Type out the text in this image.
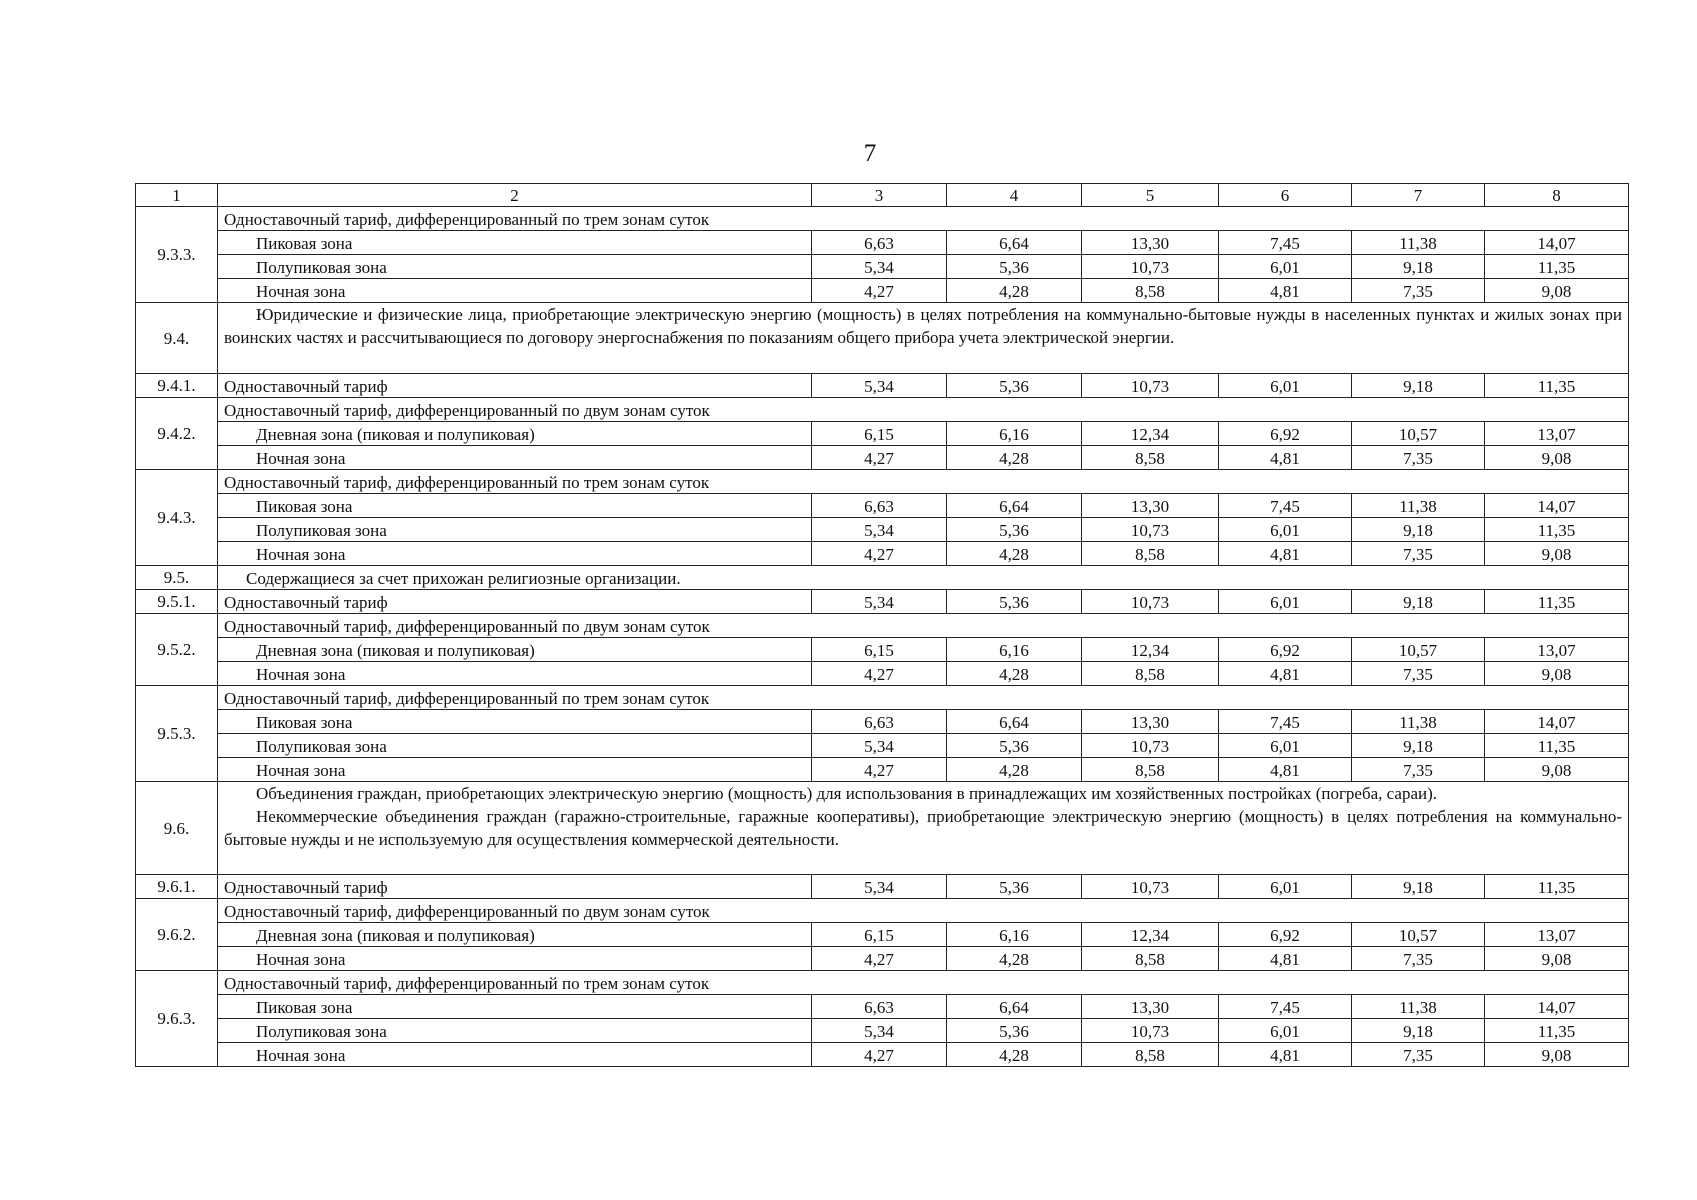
7
1	2	3	4	5	6	7	8
9.3.3.	Одноставочный тариф, дифференцированный по трем зонам суток						
	Пиковая зона	6,63	6,64	13,30	7,45	11,38	14,07
	Полупиковая зона	5,34	5,36	10,73	6,01	9,18	11,35
	Ночная зона	4,27	4,28	8,58	4,81	7,35	9,08
9.4.	Юридические и физические лица, приобретающие электрическую энергию (мощность) в целях потребления на коммунально-бытовые нужды в населенных пунктах и жилых зонах при воинских частях и рассчитывающиеся по договору энергоснабжения по показаниям общего прибора учета электрической энергии.						

9.4.1.	Одноставочный тариф	5,34	5,36	10,73	6,01	9,18	11,35
9.4.2.	Одноставочный тариф, дифференцированный по двум зонам суток						
	Дневная зона (пиковая и полупиковая)	6,15	6,16	12,34	6,92	10,57	13,07
	Ночная зона	4,27	4,28	8,58	4,81	7,35	9,08
9.4.3.	Одноставочный тариф, дифференцированный по трем зонам суток						
	Пиковая зона	6,63	6,64	13,30	7,45	11,38	14,07
	Полупиковая зона	5,34	5,36	10,73	6,01	9,18	11,35
	Ночная зона	4,27	4,28	8,58	4,81	7,35	9,08
9.5.	Содержащиеся за счет прихожан религиозные организации.						
9.5.1.	Одноставочный тариф	5,34	5,36	10,73	6,01	9,18	11,35
9.5.2.	Одноставочный тариф, дифференцированный по двум зонам суток						
	Дневная зона (пиковая и полупиковая)	6,15	6,16	12,34	6,92	10,57	13,07
	Ночная зона	4,27	4,28	8,58	4,81	7,35	9,08
9.5.3.	Одноставочный тариф, дифференцированный по трем зонам суток						
	Пиковая зона	6,63	6,64	13,30	7,45	11,38	14,07
	Полупиковая зона	5,34	5,36	10,73	6,01	9,18	11,35
	Ночная зона	4,27	4,28	8,58	4,81	7,35	9,08
9.6.	Объединения граждан, приобретающих электрическую энергию (мощность) для использования в принадлежащих им хозяйственных постройках (погреба, сараи).

Некоммерческие объединения граждан (гаражно-строительные, гаражные кооперативы), приобретающие электрическую энергию (мощность) в целях потребления на коммунально-бытовые нужды и не используемую для осуществления коммерческой деятельности.						

9.6.1.	Одноставочный тариф	5,34	5,36	10,73	6,01	9,18	11,35
9.6.2.	Одноставочный тариф, дифференцированный по двум зонам суток						
	Дневная зона (пиковая и полупиковая)	6,15	6,16	12,34	6,92	10,57	13,07
	Ночная зона	4,27	4,28	8,58	4,81	7,35	9,08
9.6.3.	Одноставочный тариф, дифференцированный по трем зонам суток						
	Пиковая зона	6,63	6,64	13,30	7,45	11,38	14,07
	Полупиковая зона	5,34	5,36	10,73	6,01	9,18	11,35
	Ночная зона	4,27	4,28	8,58	4,81	7,35	9,08
